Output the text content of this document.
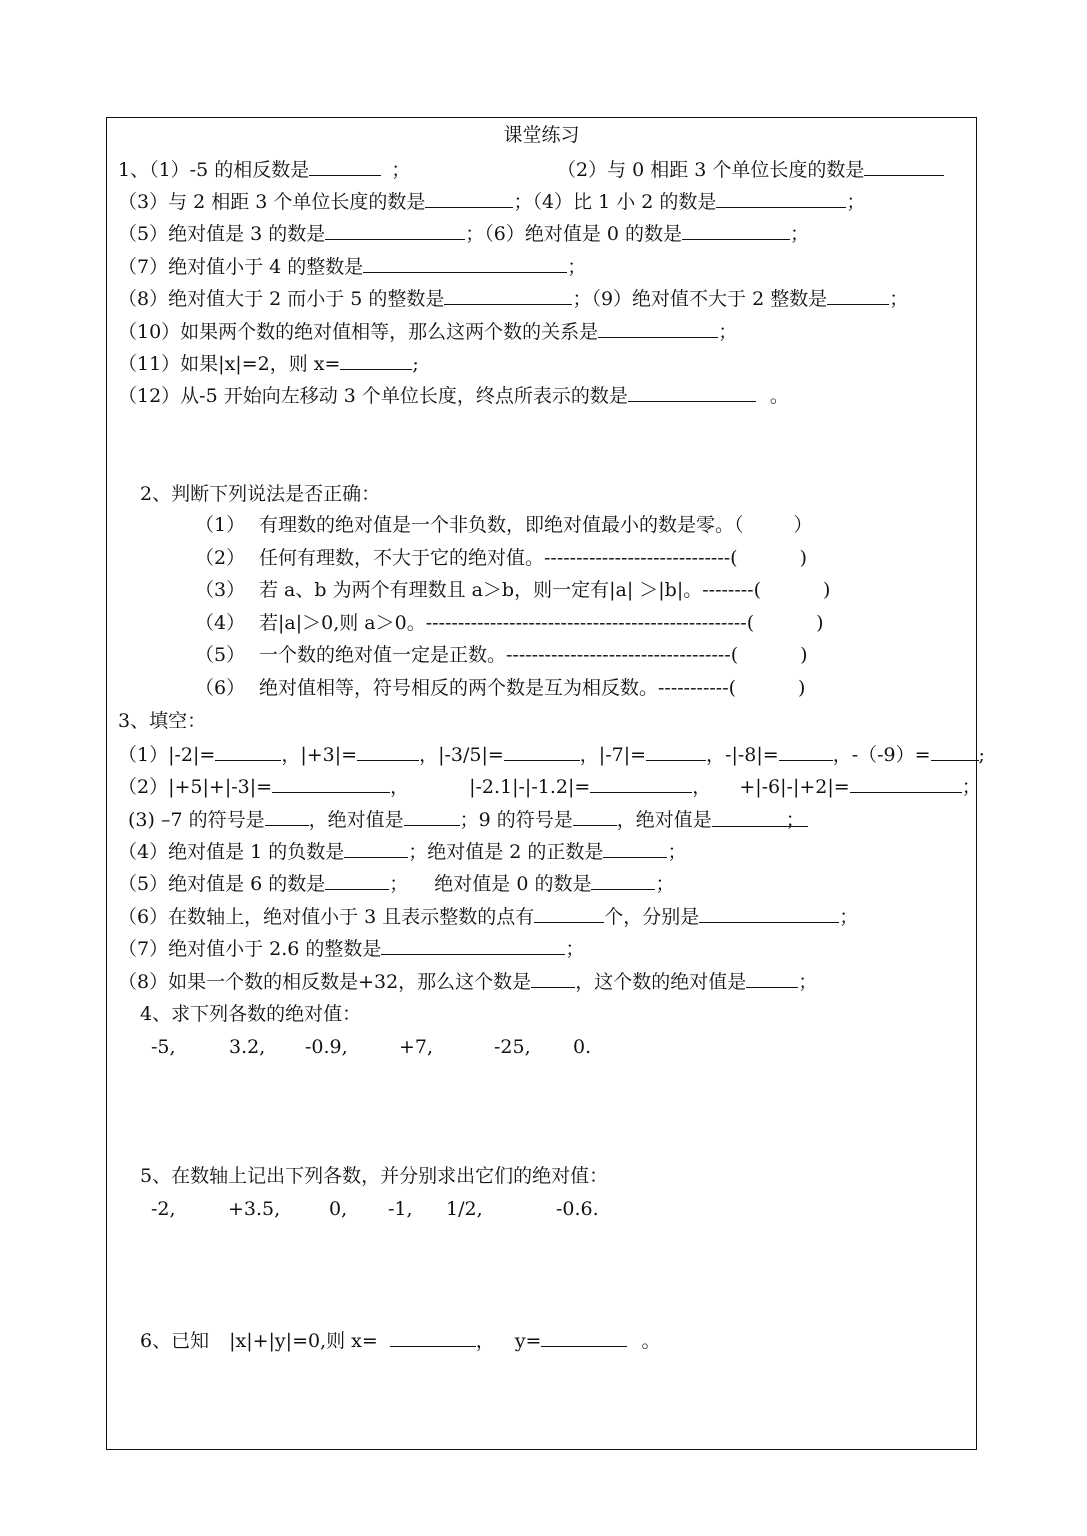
课堂练习
1、（1）-5 的相反数是	；	（2）与 0 相距 3 个单位长度的数是
（3）与 2 相距 3 个单位长度的数是	；（4）比 1 小 2 的数是	；
（5）绝对值是 3 的数是	；（6）绝对值是 0 的数是	；
（7）绝对值小于 4 的整数是	；
（8）绝对值大于 2 而小于 5 的整数是	；（9）绝对值不大于 2 整数是	；
（10）如果两个数的绝对值相等，那么这两个数的关系是	；
（11）如果|x|=2，则 x=	;
（12）从-5 开始向左移动 3 个单位长度，终点所表示的数是	。
2、判断下列说法是否正确：
（1） 有理数的绝对值是一个非负数，即绝对值最小的数是零。（	）
（2） 任何有理数，不大于它的绝对值。-----------------------------(	)
（3） 若 a、b 为两个有理数且 a＞b，则一定有|a| ＞|b|。--------(	)
（4） 若|a|＞0,则 a＞0。--------------------------------------------------(	)
（5） 一个数的绝对值一定是正数。-----------------------------------(	)
（6） 绝对值相等，符号相反的两个数是互为相反数。-----------(	)
3、填空：
（1）|-2|=	，|+3|=	，|-3/5|=	，|-7|=	，-|-8|=	，-（-9）=	;
（2）|+5|+|-3|=	，	|-2.1|-|-1.2|=	， +|-6|-|+2|=	；
(3) –7 的符号是 ，绝对值是	；9 的符号是 ，绝对值是	；
（4）绝对值是 1 的负数是	；绝对值是 2 的正数是	；
（5）绝对值是 6 的数是	； 绝对值是 0 的数是	；
（6）在数轴上，绝对值小于 3 且表示整数的点有	个，分别是	；
（7）绝对值小于 2.6 的整数是	；
（8）如果一个数的相反数是+32，那么这个数是 ，这个数的绝对值是	；
4、求下列各数的绝对值：
-5,	3.2, -0.9,	+7,	-25, 0.
5、在数轴上记出下列各数，并分别求出它们的绝对值：
-2,	+3.5,	0, -1, 1/2,	-0.6.
6、已知 |x|+|y|=0,则 x=	， y=	。
